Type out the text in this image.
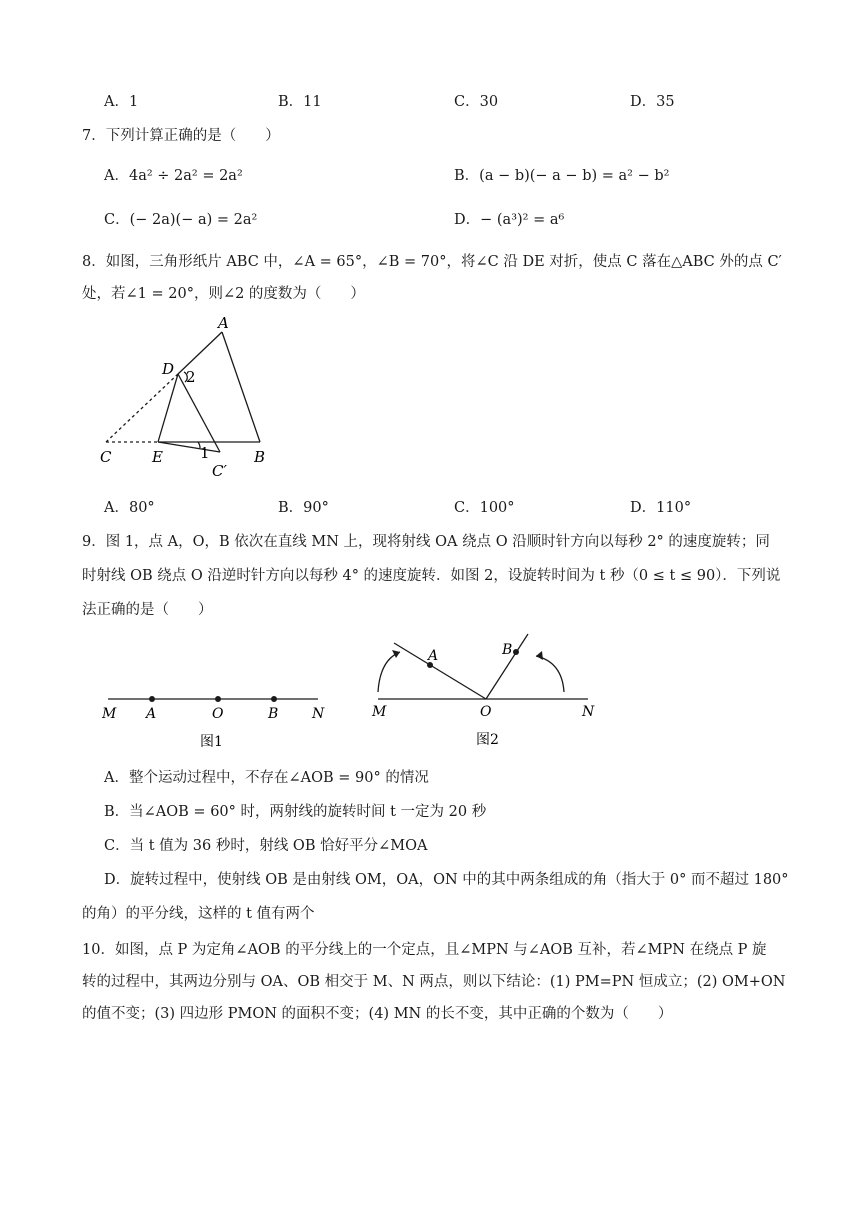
A．1	B．11	C．30	D．35
7．下列计算正确的是（　　）
A．4a² ÷ 2a² = 2a²	B．(a − b)(− a − b) = a² − b²
C．(− 2a)(− a) = 2a²	D．− (a³)² = a⁶
8．如图，三角形纸片 ABC 中，∠A = 65°，∠B = 70°，将∠C 沿 DE 对折，使点 C 落在△ABC 外的点 C′
处，若∠1 = 20°，则∠2 的度数为（　　）
A
D 2
C	E 1	B
C′
A．80°	B．90°	C．100°	D．110°
9．图 1，点 A，O，B 依次在直线 MN 上，现将射线 OA 绕点 O 沿顺时针方向以每秒 2° 的速度旋转；同
时射线 OB 绕点 O 沿逆时针方向以每秒 4° 的速度旋转．如图 2，设旋转时间为 t 秒（0 ≤ t ≤ 90）．下列说
法正确的是（　　）
M A	O	B N
图1
A	B
M	O	N
图2
A．整个运动过程中，不存在∠AOB = 90° 的情况
B．当∠AOB = 60° 时，两射线的旋转时间 t 一定为 20 秒
C．当 t 值为 36 秒时，射线 OB 恰好平分∠MOA
D．旋转过程中，使射线 OB 是由射线 OM，OA，ON 中的其中两条组成的角（指大于 0° 而不超过 180°
的角）的平分线，这样的 t 值有两个
10．如图，点 P 为定角∠AOB 的平分线上的一个定点，且∠MPN 与∠AOB 互补，若∠MPN 在绕点 P 旋
转的过程中，其两边分别与 OA、OB 相交于 M、N 两点，则以下结论：(1) PM=PN 恒成立；(2) OM+ON
的值不变；(3) 四边形 PMON 的面积不变；(4) MN 的长不变，其中正确的个数为（　　）
